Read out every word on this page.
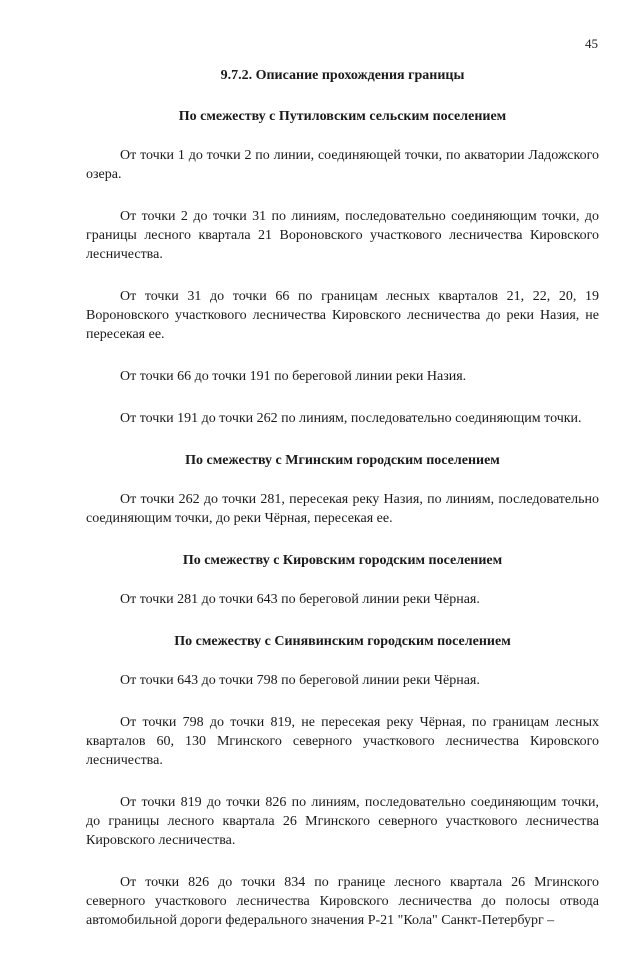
45

9.7.2. Описание прохождения границы

По смежеству с Путиловским сельским поселением

От точки 1 до точки 2 по линии, соединяющей точки, по акватории Ладожского озера.

От точки 2 до точки 31 по линиям, последовательно соединяющим точки, до границы лесного квартала 21 Вороновского участкового лесничества Кировского лесничества.

От точки 31 до точки 66 по границам лесных кварталов 21, 22, 20, 19 Вороновского участкового лесничества Кировского лесничества до реки Назия, не пересекая ее.

От точки 66 до точки 191 по береговой линии реки Назия.

От точки 191 до точки 262 по линиям, последовательно соединяющим точки.

По смежеству с Мгинским городским поселением

От точки 262 до точки 281, пересекая реку Назия, по линиям, последовательно соединяющим точки, до реки Чёрная, пересекая ее.

По смежеству с Кировским городским поселением

От точки 281 до точки 643 по береговой линии реки Чёрная.

По смежеству с Синявинским городским поселением

От точки 643 до точки 798 по береговой линии реки Чёрная.

От точки 798 до точки 819, не пересекая реку Чёрная, по границам лесных кварталов 60, 130 Мгинского северного участкового лесничества Кировского лесничества.

От точки 819 до точки 826 по линиям, последовательно соединяющим точки, до границы лесного квартала 26 Мгинского северного участкового лесничества Кировского лесничества.

От точки 826 до точки 834 по границе лесного квартала 26 Мгинского северного участкового лесничества Кировского лесничества до полосы отвода автомобильной дороги федерального значения Р-21 "Кола" Санкт-Петербург –
